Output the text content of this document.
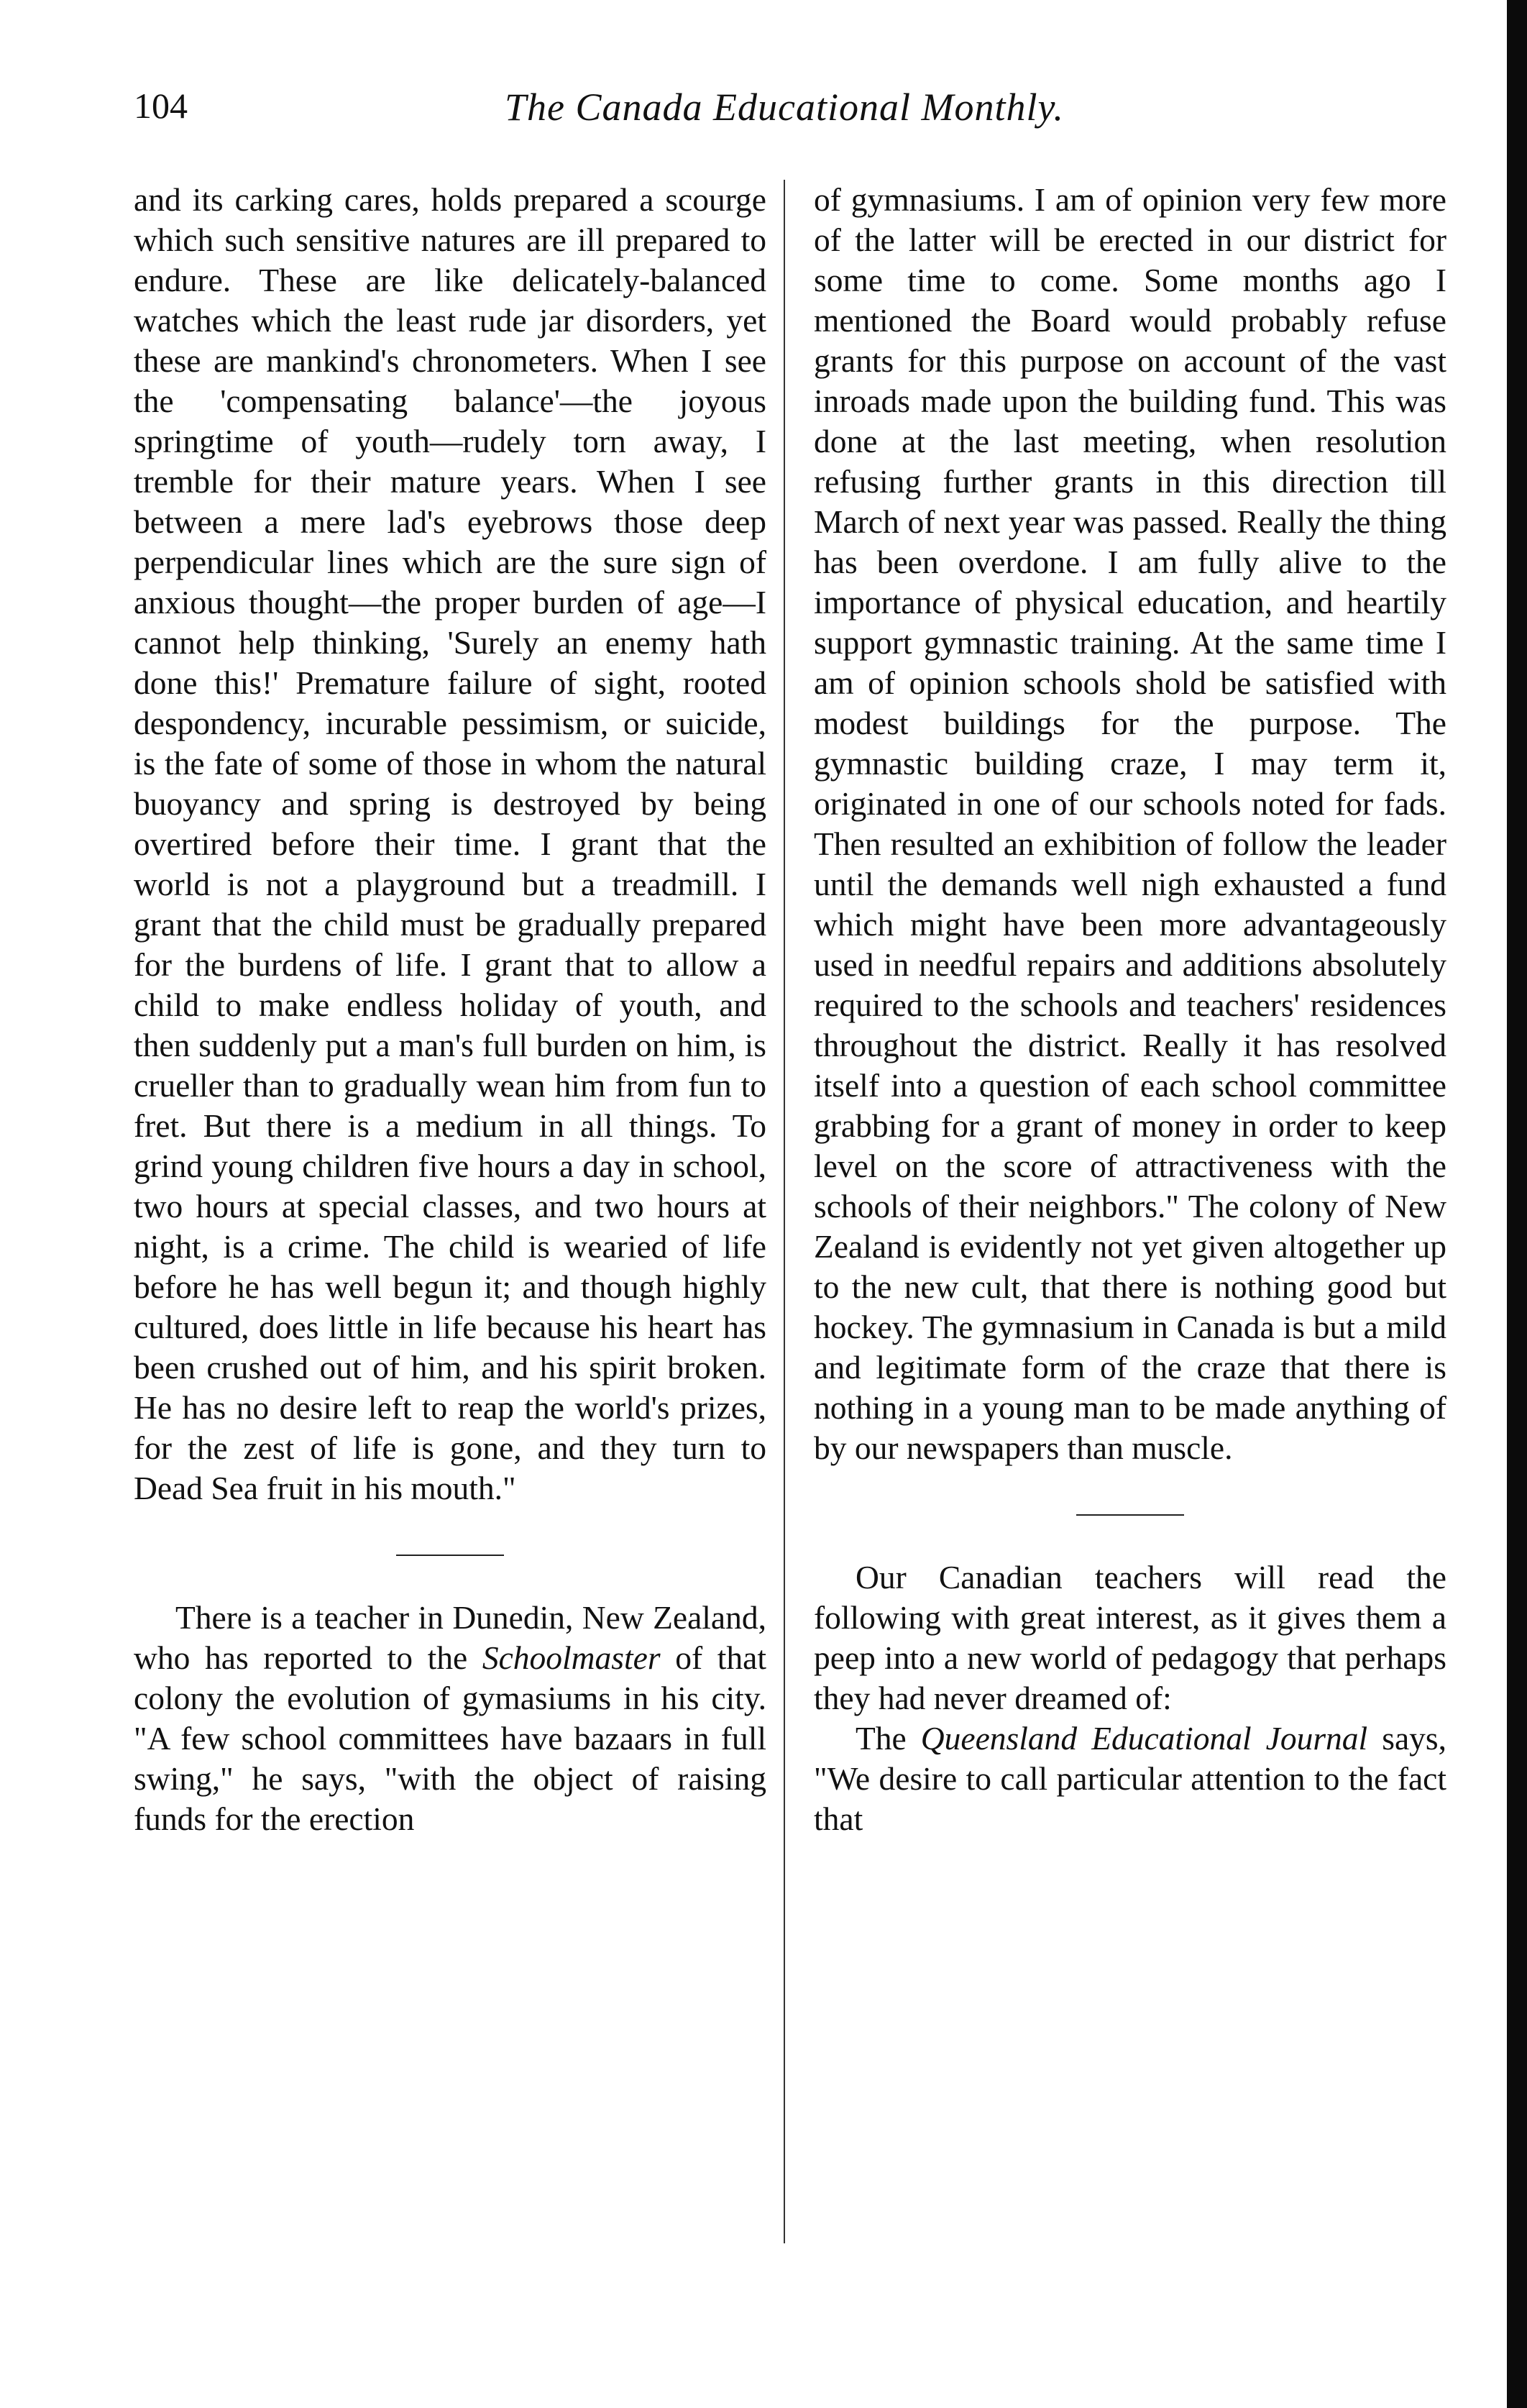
104	The Canada Educational Monthly.

and its carking cares, holds prepared a scourge which such sensitive natures are ill prepared to endure. These are like delicately-balanced watches which the least rude jar disorders, yet these are mankind's chronometers. When I see the 'compensating balance'—the joyous springtime of youth—rudely torn away, I tremble for their mature years. When I see between a mere lad's eyebrows those deep perpendicular lines which are the sure sign of anxious thought—the proper burden of age—I cannot help thinking, 'Surely an enemy hath done this!' Premature failure of sight, rooted despondency, incurable pessimism, or suicide, is the fate of some of those in whom the natural buoyancy and spring is destroyed by being overtired before their time. I grant that the world is not a playground but a treadmill. I grant that the child must be gradually prepared for the burdens of life. I grant that to allow a child to make endless holiday of youth, and then suddenly put a man's full burden on him, is crueller than to gradually wean him from fun to fret. But there is a medium in all things. To grind young children five hours a day in school, two hours at special classes, and two hours at night, is a crime. The child is wearied of life before he has well begun it; and though highly cultured, does little in life because his heart has been crushed out of him, and his spirit broken. He has no desire left to reap the world's prizes, for the zest of life is gone, and they turn to Dead Sea fruit in his mouth."

There is a teacher in Dunedin, New Zealand, who has reported to the Schoolmaster of that colony the evolution of gymasiums in his city. "A few school committees have bazaars in full swing," he says, "with the object of raising funds for the erection

of gymnasiums. I am of opinion very few more of the latter will be erected in our district for some time to come. Some months ago I mentioned the Board would probably refuse grants for this purpose on account of the vast inroads made upon the building fund. This was done at the last meeting, when resolution refusing further grants in this direction till March of next year was passed. Really the thing has been overdone. I am fully alive to the importance of physical education, and heartily support gymnastic training. At the same time I am of opinion schools shold be satisfied with modest buildings for the purpose. The gymnastic building craze, I may term it, originated in one of our schools noted for fads. Then resulted an exhibition of follow the leader until the demands well nigh exhausted a fund which might have been more advantageously used in needful repairs and additions absolutely required to the schools and teachers' residences throughout the district. Really it has resolved itself into a question of each school committee grabbing for a grant of money in order to keep level on the score of attractiveness with the schools of their neighbors." The colony of New Zealand is evidently not yet given altogether up to the new cult, that there is nothing good but hockey. The gymnasium in Canada is but a mild and legitimate form of the craze that there is nothing in a young man to be made anything of by our newspapers than muscle.

Our Canadian teachers will read the following with great interest, as it gives them a peep into a new world of pedagogy that perhaps they had never dreamed of:

The Queensland Educational Journal says, "We desire to call particular attention to the fact that
